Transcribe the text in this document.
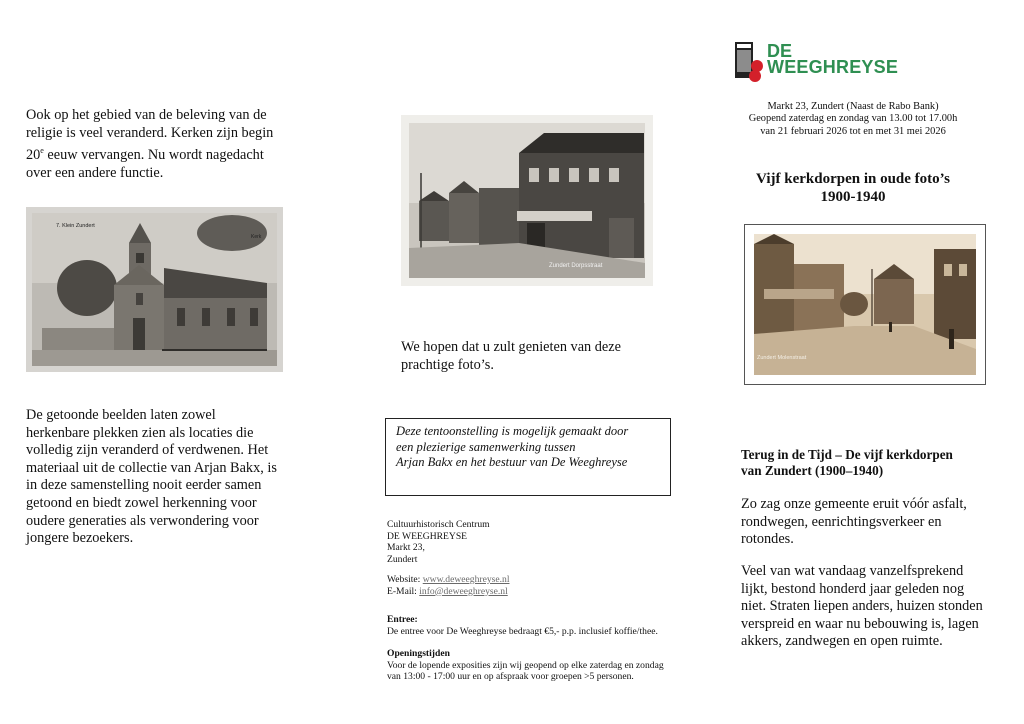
Ook op het gebied van de beleving van de
religie is veel veranderd. Kerken zijn begin
20e eeuw vervangen. Nu wordt nagedacht
over een andere functie.
7. Klein Zundert
Kerk
De getoonde beelden laten zowel
herkenbare plekken zien als locaties die
volledig zijn veranderd of verdwenen. Het
materiaal uit de collectie van Arjan Bakx, is
in deze samenstelling nooit eerder samen
getoond en biedt zowel herkenning voor
oudere generaties als verwondering voor
jongere bezoekers.
Zundert Dorpsstraat
We hopen dat u zult genieten van deze
prachtige foto’s.
Deze tentoonstelling is mogelijk gemaakt door
een plezierige samenwerking tussen
Arjan Bakx en het bestuur van De Weeghreyse
Cultuurhistorisch Centrum
DE WEEGHREYSE
Markt 23,
Zundert
Website: www.deweeghreyse.nl
E-Mail: info@deweeghreyse.nl
Entree:
De entree voor De Weeghreyse bedraagt €5,- p.p. inclusief koffie/thee.
Openingstijden
Voor de lopende exposities zijn wij geopend op elke zaterdag en zondag
van 13:00 - 17:00 uur en op afspraak voor groepen >5 personen.
DE
WEEGHREYSE
Markt 23, Zundert (Naast de Rabo Bank)
Geopend zaterdag en zondag van 13.00 tot 17.00h
van 21 februari 2026 tot en met 31 mei 2026
Vijf kerkdorpen in oude foto’s
1900-1940
Zundert Molenstraat
Terug in de Tijd – De vijf kerkdorpen
van Zundert (1900–1940)
Zo zag onze gemeente eruit vóór asfalt,
rondwegen, eenrichtingsverkeer en
rotondes.
Veel van wat vandaag vanzelfsprekend
lijkt, bestond honderd jaar geleden nog
niet. Straten liepen anders, huizen stonden
verspreid en waar nu bebouwing is, lagen
akkers, zandwegen en open ruimte.
